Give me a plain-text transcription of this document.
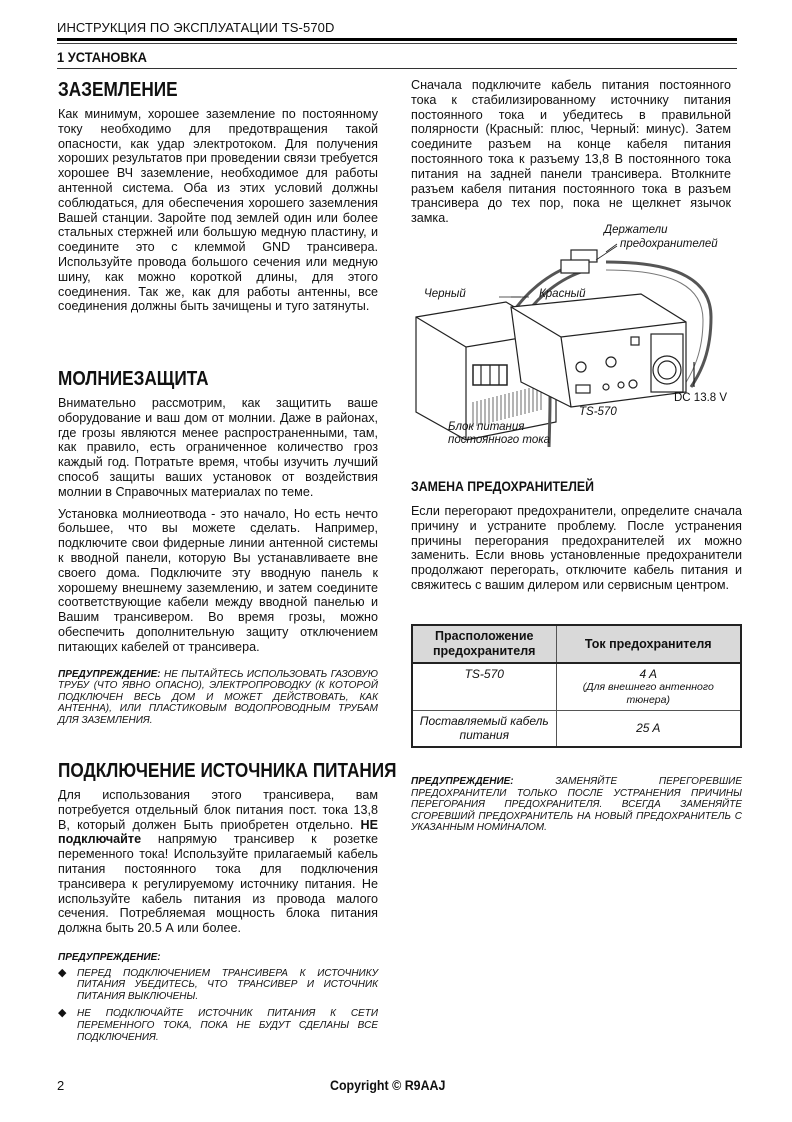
ИНСТРУКЦИЯ ПО ЭКСПЛУАТАЦИИ TS-570D
1 УСТАНОВКА
ЗАЗЕМЛЕНИЕ

Как минимум, хорошее заземление по постоянному току необходимо для предотвращения такой опасности, как удар электротоком. Для получения хороших результатов при проведении связи требуется хорошее ВЧ заземление, необходимое для работы антенной система. Оба из этих условий должны соблюдаться, для обеспечения хорошего заземления Вашей станции. Заройте под землей один или более стальных стержней или большую медную пластину, и соедините это с клеммой GND трансивера. Используйте провода большого сечения или медную шину, как можно короткой длины, для этого соединения. Так же, как для работы антенны, все соединения должны быть зачищены и туго затянуты.

МОЛНИЕЗАЩИТА

Внимательно рассмотрим, как защитить ваше оборудование и ваш дом от молнии. Даже в районах, где грозы являются менее распространенными, там, как правило, есть ограниченное количество гроз каждый год. Потратьте время, чтобы изучить лучший способ защиты ваших установок от воздействия молнии в Справочных материалах по теме.

Установка молниеотвода - это начало, Но есть нечто большее, что вы можете сделать. Например, подключите свои фидерные линии антенной системы к вводной панели, которую Вы устанавливаете вне своего дома. Подключите эту вводную панель к хорошему внешнему заземлению, и затем соедините соответствующие кабели между вводной панелью и Вашим трансивером. Во время грозы, можно обеспечить дополнительную защиту отключением питающих кабелей от трансивера.

ПРЕДУПРЕЖДЕНИЕ: НЕ ПЫТАЙТЕСЬ ИСПОЛЬЗОВАТЬ ГАЗОВУЮ ТРУБУ (ЧТО ЯВНО ОПАСНО), ЭЛЕКТРОПРОВОДКУ (К КОТОРОЙ ПОДКЛЮЧЕН ВЕСЬ ДОМ И МОЖЕТ ДЕЙСТВОВАТЬ, КАК АНТЕННА), ИЛИ ПЛАСТИКОВЫМ ВОДОПРОВОДНЫМ ТРУБАМ ДЛЯ ЗАЗЕМЛЕНИЯ.

ПОДКЛЮЧЕНИЕ ИСТОЧНИКА ПИТАНИЯ

Для использования этого трансивера, вам потребуется отдельный блок питания пост. тока 13,8 В, который должен Быть приобретен отдельно. НЕ подключайте напрямую трансивер к розетке переменного тока! Используйте прилагаемый кабель питания постоянного тока для подключения трансивера к регулируемому источнику питания. Не используйте кабель питания из провода малого сечения. Потребляемая мощность блока питания должна быть 20.5 А или более.

ПРЕДУПРЕЖДЕНИЕ:

◆ ПЕРЕД ПОДКЛЮЧЕНИЕМ ТРАНСИВЕРА К ИСТОЧНИКУ ПИТАНИЯ УБЕДИТЕСЬ, ЧТО ТРАНСИВЕР И ИСТОЧНИК ПИТАНИЯ ВЫКЛЮЧЕНЫ.
◆ НЕ ПОДКЛЮЧАЙТЕ ИСТОЧНИК ПИТАНИЯ К СЕТИ ПЕРЕМЕННОГО ТОКА, ПОКА НЕ БУДУТ СДЕЛАНЫ ВСЕ ПОДКЛЮЧЕНИЯ.

Сначала подключите кабель питания постоянного тока к стабилизированному источнику питания постоянного тока и убедитесь в правильной полярности (Красный: плюс, Черный: минус). Затем соедините разъем на конце кабеля питания постоянного тока к разъему 13,8 В постоянного тока питания на задней панели трансивера. Втолкните разъем кабеля питания постоянного тока в разъем трансивера до тех пор, пока не щелкнет язычок замка.

Держатели
предохранителей
Черный	Красный
DC 13.8 V
TS-570
Блок питания
постоянного тока
ЗАМЕНА ПРЕДОХРАНИТЕЛЕЙ

Если перегорают предохранители, определите сначала причину и устраните проблему. После устранения причины перегорания предохранителей их можно заменить. Если вновь установленные предохранители продолжают перегорать, отключите кабель питания и свяжитесь с вашим дилером или сервисным центром.

Прасположение предохранителя	Ток предохранителя
TS-570	4 A
(Для внешнего антенного тюнера)

Поставляемый кабель питания	25 A

ПРЕДУПРЕЖДЕНИЕ:	ЗАМЕНЯЙТЕ ПЕРЕГОРЕВШИЕ ПРЕДОХРАНИТЕЛИ ТОЛЬКО ПОСЛЕ УСТРАНЕНИЯ ПРИЧИНЫ ПЕРЕГОРАНИЯ ПРЕДОХРАНИТЕЛЯ. ВСЕГДА ЗАМЕНЯЙТЕ СГОРЕВШИЙ ПРЕДОХРАНИТЕЛЬ НА НОВЫЙ ПРЕДОХРАНИТЕЛЬ С УКАЗАННЫМ НОМИНАЛОМ.

2	Copyright © R9AAJ
